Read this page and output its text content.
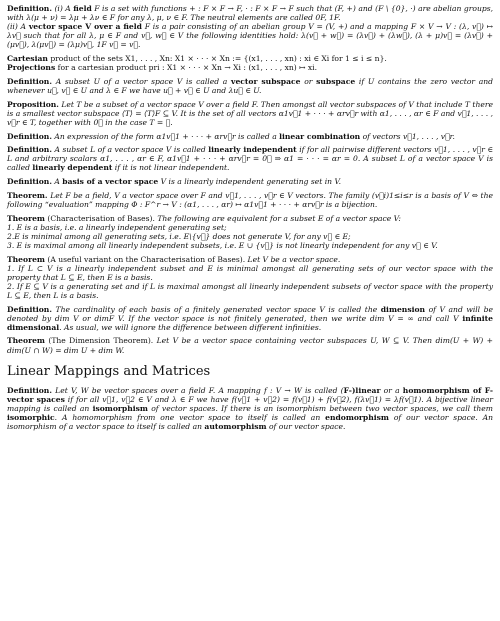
Definition. (i) A field F is a set with functions + : F × F → F, · : F × F → F such that (F, +) and (F \ {0}, ·) are abelian groups, with λ(μ + ν) = λμ + λν ∈ F for any λ, μ, ν ∈ F. The neutral elements are called 0F, 1F.

(ii) A vector space V over a field F is a pair consisting of an abelian group V = (V, +) and a mapping F × V → V : (λ, v⃗) ↦ λv⃗ such that for all λ, μ ∈ F and v⃗, w⃗ ∈ V the following identities hold: λ(v⃗ + w⃗) = (λv⃗) + (λw⃗), (λ + μ)v⃗ = (λv⃗) + (μv⃗), λ(μv⃗) = (λμ)v⃗, 1F v⃗ = v⃗.

Cartesian product of the sets X1, . . . , Xn: X1 × · · · × Xn := {(x1, . . . , xn) : xi ∈ Xi for 1 ≤ i ≤ n}.

Projections for a cartesian product pri : X1 × · · · × Xn → Xi : (x1, . . . , xn) ↦ xi.

Definition. A subset U of a vector space V is called a vector subspace or subspace if U contains the zero vector and whenever u⃗, v⃗ ∈ U and λ ∈ F we have u⃗ + v⃗ ∈ U and λu⃗ ∈ U.

Proposition. Let T be a subset of a vector space V over a field F. Then amongst all vector subspaces of V that include T there is a smallest vector subspace ⟨T⟩ = ⟨T⟩F ⊆ V. It is the set of all vectors α1v⃗1 + · · · + αrv⃗r with α1, . . . , αr ∈ F and v⃗1, . . . , v⃗r ∈ T, together with 0⃗ in the case T = ∅.

Definition. An expression of the form α1v⃗1 + · · · + αrv⃗r is called a linear combination of vectors v⃗1, . . . , v⃗r.

Definition. A subset L of a vector space V is called linearly independent if for all pairwise different vectors v⃗1, . . . , v⃗r ∈ L and arbitrary scalars α1, . . . , αr ∈ F, α1v⃗1 + · · · + αrv⃗r = 0⃗ ⇒ α1 = · · · = αr = 0. A subset L of a vector space V is called linearly dependent if it is not linear independent.

Definition. A basis of a vector space V is a linearly independent generating set in V.

Theorem. Let F be a field, V a vector space over F and v⃗1, . . . , v⃗r ∈ V vectors. The family (v⃗i)1≤i≤r is a basis of V ⇔ the following “evaluation” mapping Φ : F^r → V : (α1, . . . , αr) ↦ α1v⃗1 + · · · + αrv⃗r is a bijection.

Theorem (Characterisation of Bases). The following are equivalent for a subset E of a vector space V:

1. E is a basis, i.e. a linearly independent generating set;

2.E is minimal among all generating sets, i.e. E\{v⃗} does not generate V, for any v⃗ ∈ E;

3. E is maximal among all linearly independent subsets, i.e. E ∪ {v⃗} is not linearly independent for any v⃗ ∈ V.

Theorem (A useful variant on the Characterisation of Bases). Let V be a vector space.

1. If L ⊂ V is a linearly independent subset and E is minimal amongst all generating sets of our vector space with the property that L ⊆ E, then E is a basis.

2. If E ⊆ V is a generating set and if L is maximal amongst all linearly independent subsets of vector space with the property L ⊆ E, then L is a basis.

Definition. The cardinality of each basis of a finitely generated vector space V is called the dimension of V and will be denoted by dim V or dimF V. If the vector space is not finitely generated, then we write dim V = ∞ and call V infinite dimensional. As usual, we will ignore the difference between different infinities.

Theorem (The Dimension Theorem). Let V be a vector space containing vector subspaces U, W ⊆ V. Then dim(U + W) + dim(U ∩ W) = dim U + dim W.

Linear Mappings and Matrices

Definition. Let V, W be vector spaces over a field F. A mapping f : V → W is called (F-)linear or a homomorphism of F-vector spaces if for all v⃗1, v⃗2 ∈ V and λ ∈ F we have f(v⃗1 + v⃗2) = f(v⃗1) + f(v⃗2), f(λv⃗1) = λf(v⃗1). A bijective linear mapping is called an isomorphism of vector spaces. If there is an isomorphism between two vector spaces, we call them isomorphic. A homomorphism from one vector space to itself is called an endomorphism of our vector space. An isomorphism of a vector space to itself is called an automorphism of our vector space.
